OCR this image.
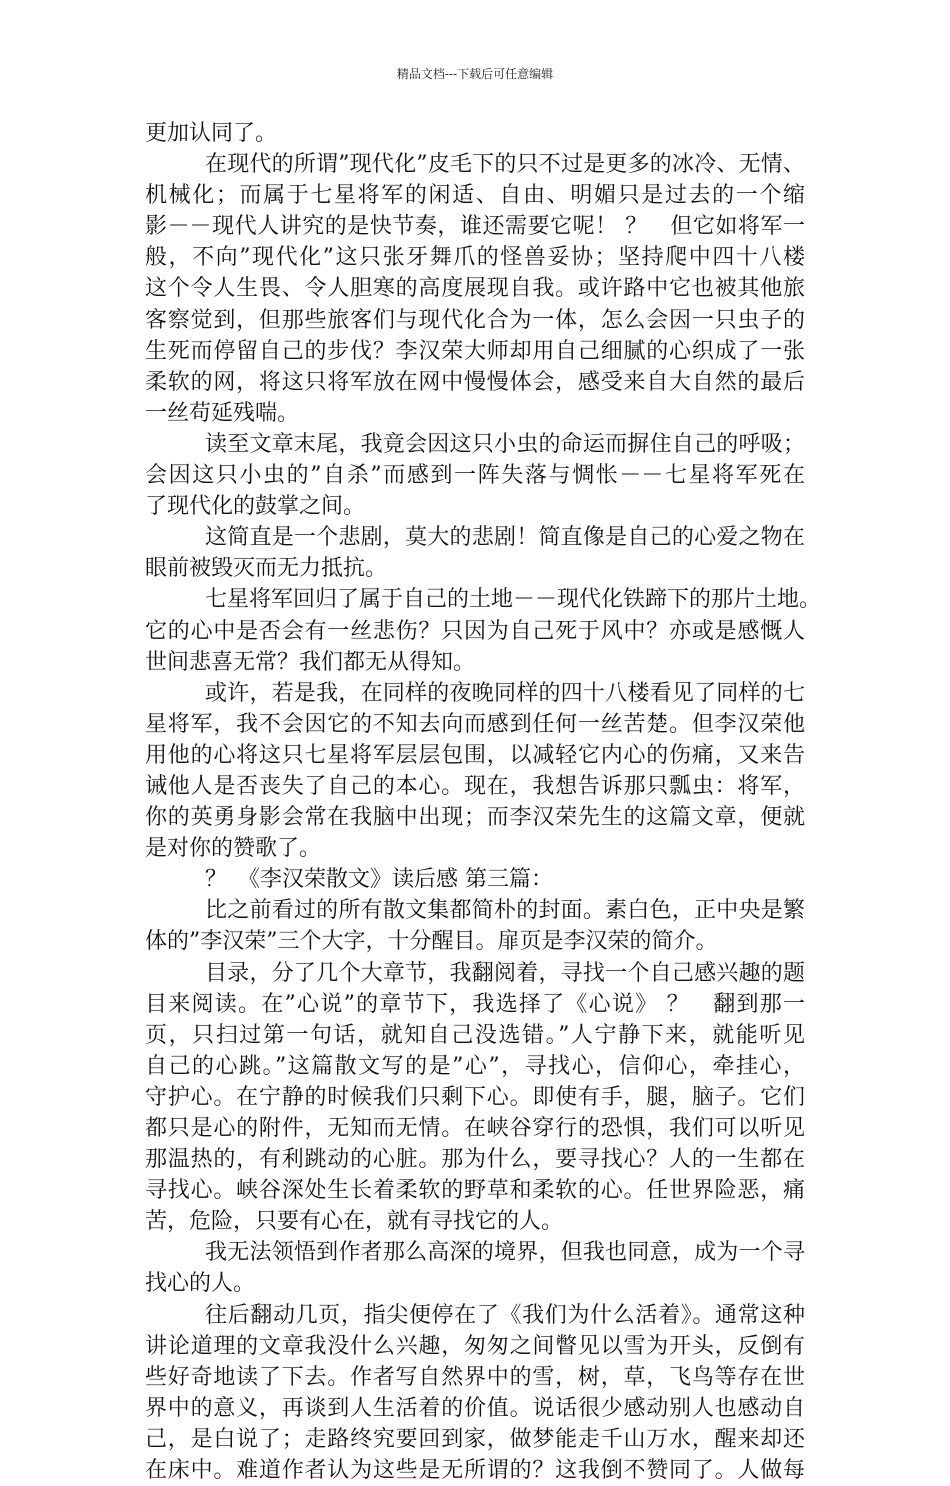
精品文档---下载后可任意编辑
更加认同了。
在现代的所谓”现代化”皮毛下的只不过是更多的冰冷、无情、
机械化；而属于七星将军的闲适、自由、明媚只是过去的一个缩
影－－现代人讲究的是快节奏，谁还需要它呢！ ？　但它如将军一
般，不向”现代化”这只张牙舞爪的怪兽妥协；坚持爬中四十八楼
这个令人生畏、令人胆寒的高度展现自我。或许路中它也被其他旅
客察觉到，但那些旅客们与现代化合为一体，怎么会因一只虫子的
生死而停留自己的步伐？李汉荣大师却用自己细腻的心织成了一张
柔软的网，将这只将军放在网中慢慢体会，感受来自大自然的最后
一丝苟延残喘。
读至文章末尾，我竟会因这只小虫的命运而摒住自己的呼吸；
会因这只小虫的”自杀”而感到一阵失落与惆怅－－七星将军死在
了现代化的鼓掌之间。
这简直是一个悲剧，莫大的悲剧！简直像是自己的心爱之物在
眼前被毁灭而无力抵抗。
七星将军回归了属于自己的土地－－现代化铁蹄下的那片土地。
它的心中是否会有一丝悲伤？只因为自己死于风中？亦或是感慨人
世间悲喜无常？我们都无从得知。
或许，若是我，在同样的夜晚同样的四十八楼看见了同样的七
星将军，我不会因它的不知去向而感到任何一丝苦楚。但李汉荣他
用他的心将这只七星将军层层包围，以减轻它内心的伤痛，又来告
诫他人是否丧失了自己的本心。现在，我想告诉那只瓢虫：将军，
你的英勇身影会常在我脑中出现；而李汉荣先生的这篇文章，便就
是对你的赞歌了。
？　《李汉荣散文》读后感 第三篇：
比之前看过的所有散文集都简朴的封面。素白色，正中央是繁
体的”李汉荣”三个大字，十分醒目。扉页是李汉荣的简介。
目录，分了几个大章节，我翻阅着，寻找一个自己感兴趣的题
目来阅读。在”心说”的章节下，我选择了《心说》 ？　翻到那一
页，只扫过第一句话，就知自己没选错。”人宁静下来，就能听见
自己的心跳。”这篇散文写的是”心”，寻找心，信仰心，牵挂心，
守护心。在宁静的时候我们只剩下心。即使有手，腿，脑子。它们
都只是心的附件，无知而无情。在峡谷穿行的恐惧，我们可以听见
那温热的，有利跳动的心脏。那为什么，要寻找心？人的一生都在
寻找心。峡谷深处生长着柔软的野草和柔软的心。任世界险恶，痛
苦，危险，只要有心在，就有寻找它的人。
我无法领悟到作者那么高深的境界，但我也同意，成为一个寻
找心的人。
往后翻动几页，指尖便停在了《我们为什么活着》。通常这种
讲论道理的文章我没什么兴趣，匆匆之间瞥见以雪为开头，反倒有
些好奇地读了下去。作者写自然界中的雪，树，草，飞鸟等存在世
界中的意义，再谈到人生活着的价值。说话很少感动别人也感动自
己，是白说了；走路终究要回到家，做梦能走千山万水，醒来却还
在床中。难道作者认为这些是无所谓的？这我倒不赞同了。人做每
